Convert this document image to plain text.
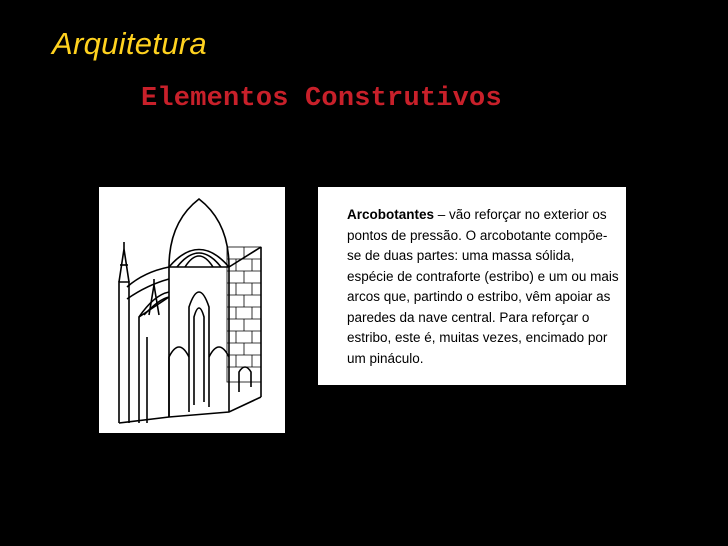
Arquitetura
Elementos Construtivos
Arcobotantes – vão reforçar no exterior os pontos de pressão. O arcobotante compõe-se de duas partes: uma massa sólida, espécie de contraforte (estribo) e um ou mais arcos que, partindo o estribo, vêm apoiar as paredes da nave central. Para reforçar o estribo, este é, muitas vezes, encimado por um pináculo.
